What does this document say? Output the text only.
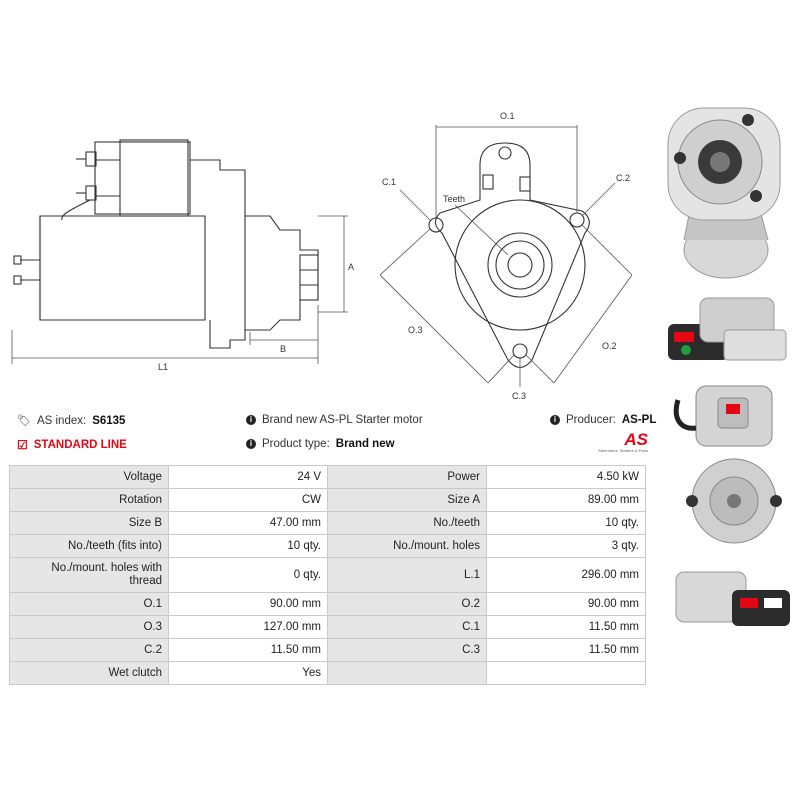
L1
B
A
O.1
C.1	C.2
Teeth
O.3
O.2
C.3
🏷 AS index: S6135	i Brand new AS-PL Starter motor	i Producer: AS-PL
☑ STANDARD LINE	i Product type: Brand new	AS
Alternators, Starters & Parts
Voltage	24 V	Power	4.50 kW
Rotation	CW	Size A	89.00 mm
Size B	47.00 mm	No./teeth	10 qty.
No./teeth (fits into)	10 qty.	No./mount. holes	3 qty.
No./mount. holes with thread	0 qty.	L.1	296.00 mm
O.1	90.00 mm	O.2	90.00 mm
O.3	127.00 mm	C.1	11.50 mm
C.2	11.50 mm	C.3	11.50 mm
Wet clutch	Yes		
